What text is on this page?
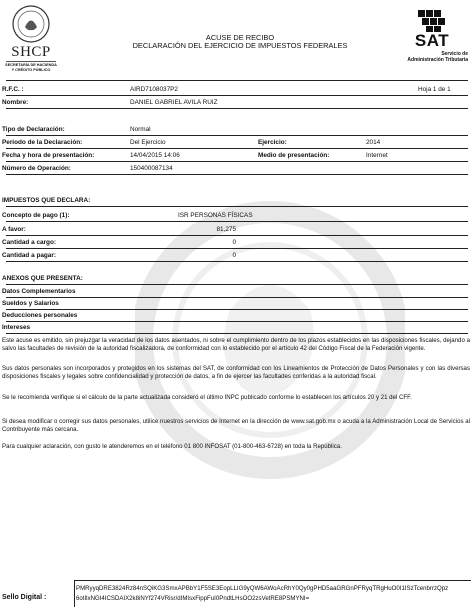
SHCP
SECRETARÍA DE HACIENDA
Y CRÉDITO PÚBLICO
ACUSE DE RECIBO
DECLARACIÓN DEL EJERCICIO DE IMPUESTOS FEDERALES	SAT
Servicio de
Administración Tributaria
R.F.C. :	AIRD7108037P2	Hoja 1 de 1
Nombre:	DANIEL GABRIEL AVILA RUIZ
Tipo de Declaración:	Normal
Periodo de la Declaración:	Del Ejercicio	Ejercicio:	2014
Fecha y hora de presentación:	14/04/2015 14:06	Medio de presentación:	Internet
Número de Operación:	150400087134
IMPUESTOS QUE DECLARA:
Concepto de pago (1):	ISR PERSONAS FÍSICAS
A favor:	81,275
Cantidad a cargo:	0
Cantidad a pagar:	0
ANEXOS QUE PRESENTA:
Datos Complementarios
Sueldos y Salarios
Deducciones personales
Intereses
Este acuse es emitido, sin prejuzgar la veracidad de los datos asentados, ni sobre el cumplimiento dentro de los plazos establecidos en las disposiciones fiscales, dejando a salvo las facultades de revisión de la autoridad fiscalizadora, de conformidad con lo establecido por el artículo 42 del Código Fiscal de la Federación vigente.
Sus datos personales son incorporados y protegidos en los sistemas del SAT, de conformidad con los Lineamientos de Protección de Datos Personales y con las diversas disposiciones fiscales y legales sobre confidencialidad y protección de datos, a fin de ejercer las facultades conferidas a la autoridad fiscal.
Se le recomienda verifique si el cálculo de la parte actualizada consideró el último INPC publicado conforme lo establecen los artículos 20 y 21 del CFF.
Si desea modificar o corregir sus datos personales, utilice nuestros servicios de Internet en la dirección de www.sat.gob.mx o acuda a la Administración Local de Servicios al Contribuyente más cercana.
Para cualquier aclaración, con gusto le atenderemos en el teléfono 01 800 INFOSAT (01-800-463-6728) en toda la República.
Sello Digital :
PMRyyqDRE3824Rz84nSQiKG3SmxAPBbY1F5SE3EopLLIG9yQW6AWoAcRhY0Qy0gPHD5aaGRGnPFRyqTRgHuO0I1ISzTcenbrrzQpz
6otIlxNGI4ICSDAIX2k8iNYf274VRisr/dIMIsxFippFuI0PndtLHsOO2zsVetRE8PSMYNI=
